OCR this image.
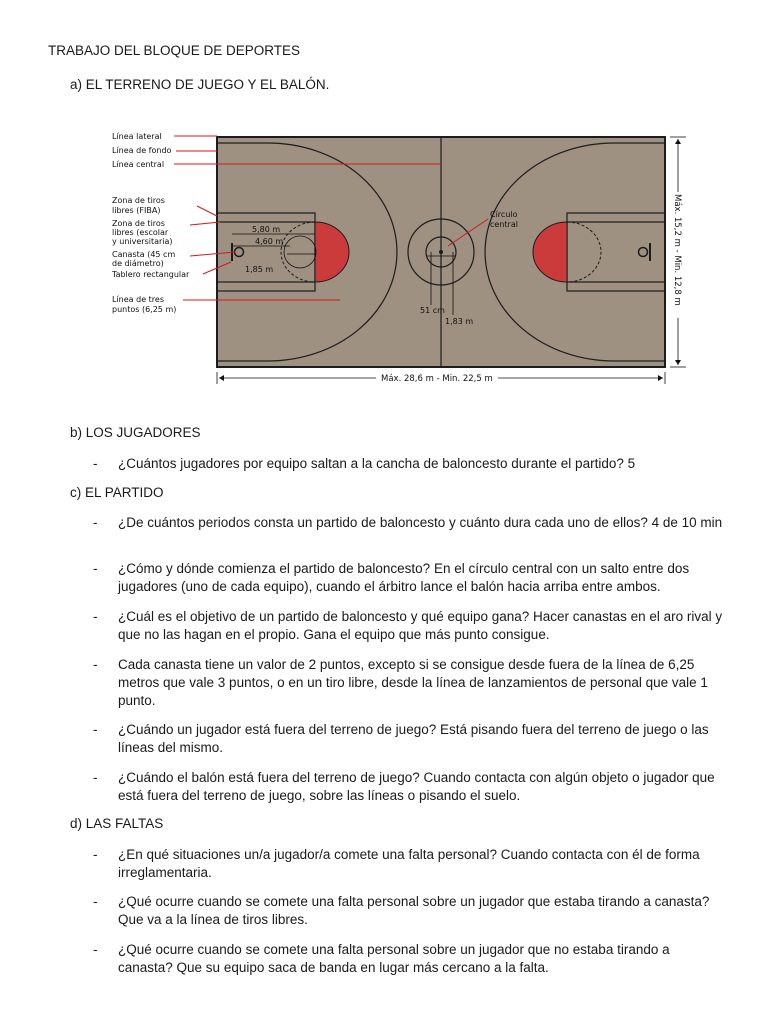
TRABAJO DEL BLOQUE DE DEPORTES
a) EL TERRENO DE JUEGO Y EL BALÓN.
Línea lateral
Línea de fondo
Línea central
Zona de tiros
libres (FIBA)
Zona de tiros
libres (escolar
y universitaria)
Canasta (45 cm
de diámetro)
Tablero rectangular
Línea de tres
puntos (6,25 m)
Círculo
central
5,80 m
4,60 m
1,85 m
51 cm
1,83 m
Máx. 28,6 m - Min. 22,5 m
Máx. 15,2 m - Min. 12,8 m
b) LOS JUGADORES
- ¿Cuántos jugadores por equipo saltan a la cancha de baloncesto durante el partido? 5
c) EL PARTIDO
- ¿De cuántos periodos consta un partido de baloncesto y cuánto dura cada uno de ellos? 4 de 10 min
- ¿Cómo y dónde comienza el partido de baloncesto? En el círculo central con un salto entre dos jugadores (uno de cada equipo), cuando el árbitro lance el balón hacia arriba entre ambos.
- ¿Cuál es el objetivo de un partido de baloncesto y qué equipo gana? Hacer canastas en el aro rival y que no las hagan en el propio. Gana el equipo que más punto consigue.
- Cada canasta tiene un valor de 2 puntos, excepto si se consigue desde fuera de la línea de 6,25 metros que vale 3 puntos, o en un tiro libre, desde la línea de lanzamientos de personal que vale 1 punto.
- ¿Cuándo un jugador está fuera del terreno de juego? Está pisando fuera del terreno de juego o las líneas del mismo.
- ¿Cuándo el balón está fuera del terreno de juego? Cuando contacta con algún objeto o jugador que está fuera del terreno de juego, sobre las líneas o pisando el suelo.
d) LAS FALTAS
- ¿En qué situaciones un/a jugador/a comete una falta personal? Cuando contacta con él de forma irreglamentaria.
- ¿Qué ocurre cuando se comete una falta personal sobre un jugador que estaba tirando a canasta? Que va a la línea de tiros libres.
- ¿Qué ocurre cuando se comete una falta personal sobre un jugador que no estaba tirando a canasta? Que su equipo saca de banda en lugar más cercano a la falta.
